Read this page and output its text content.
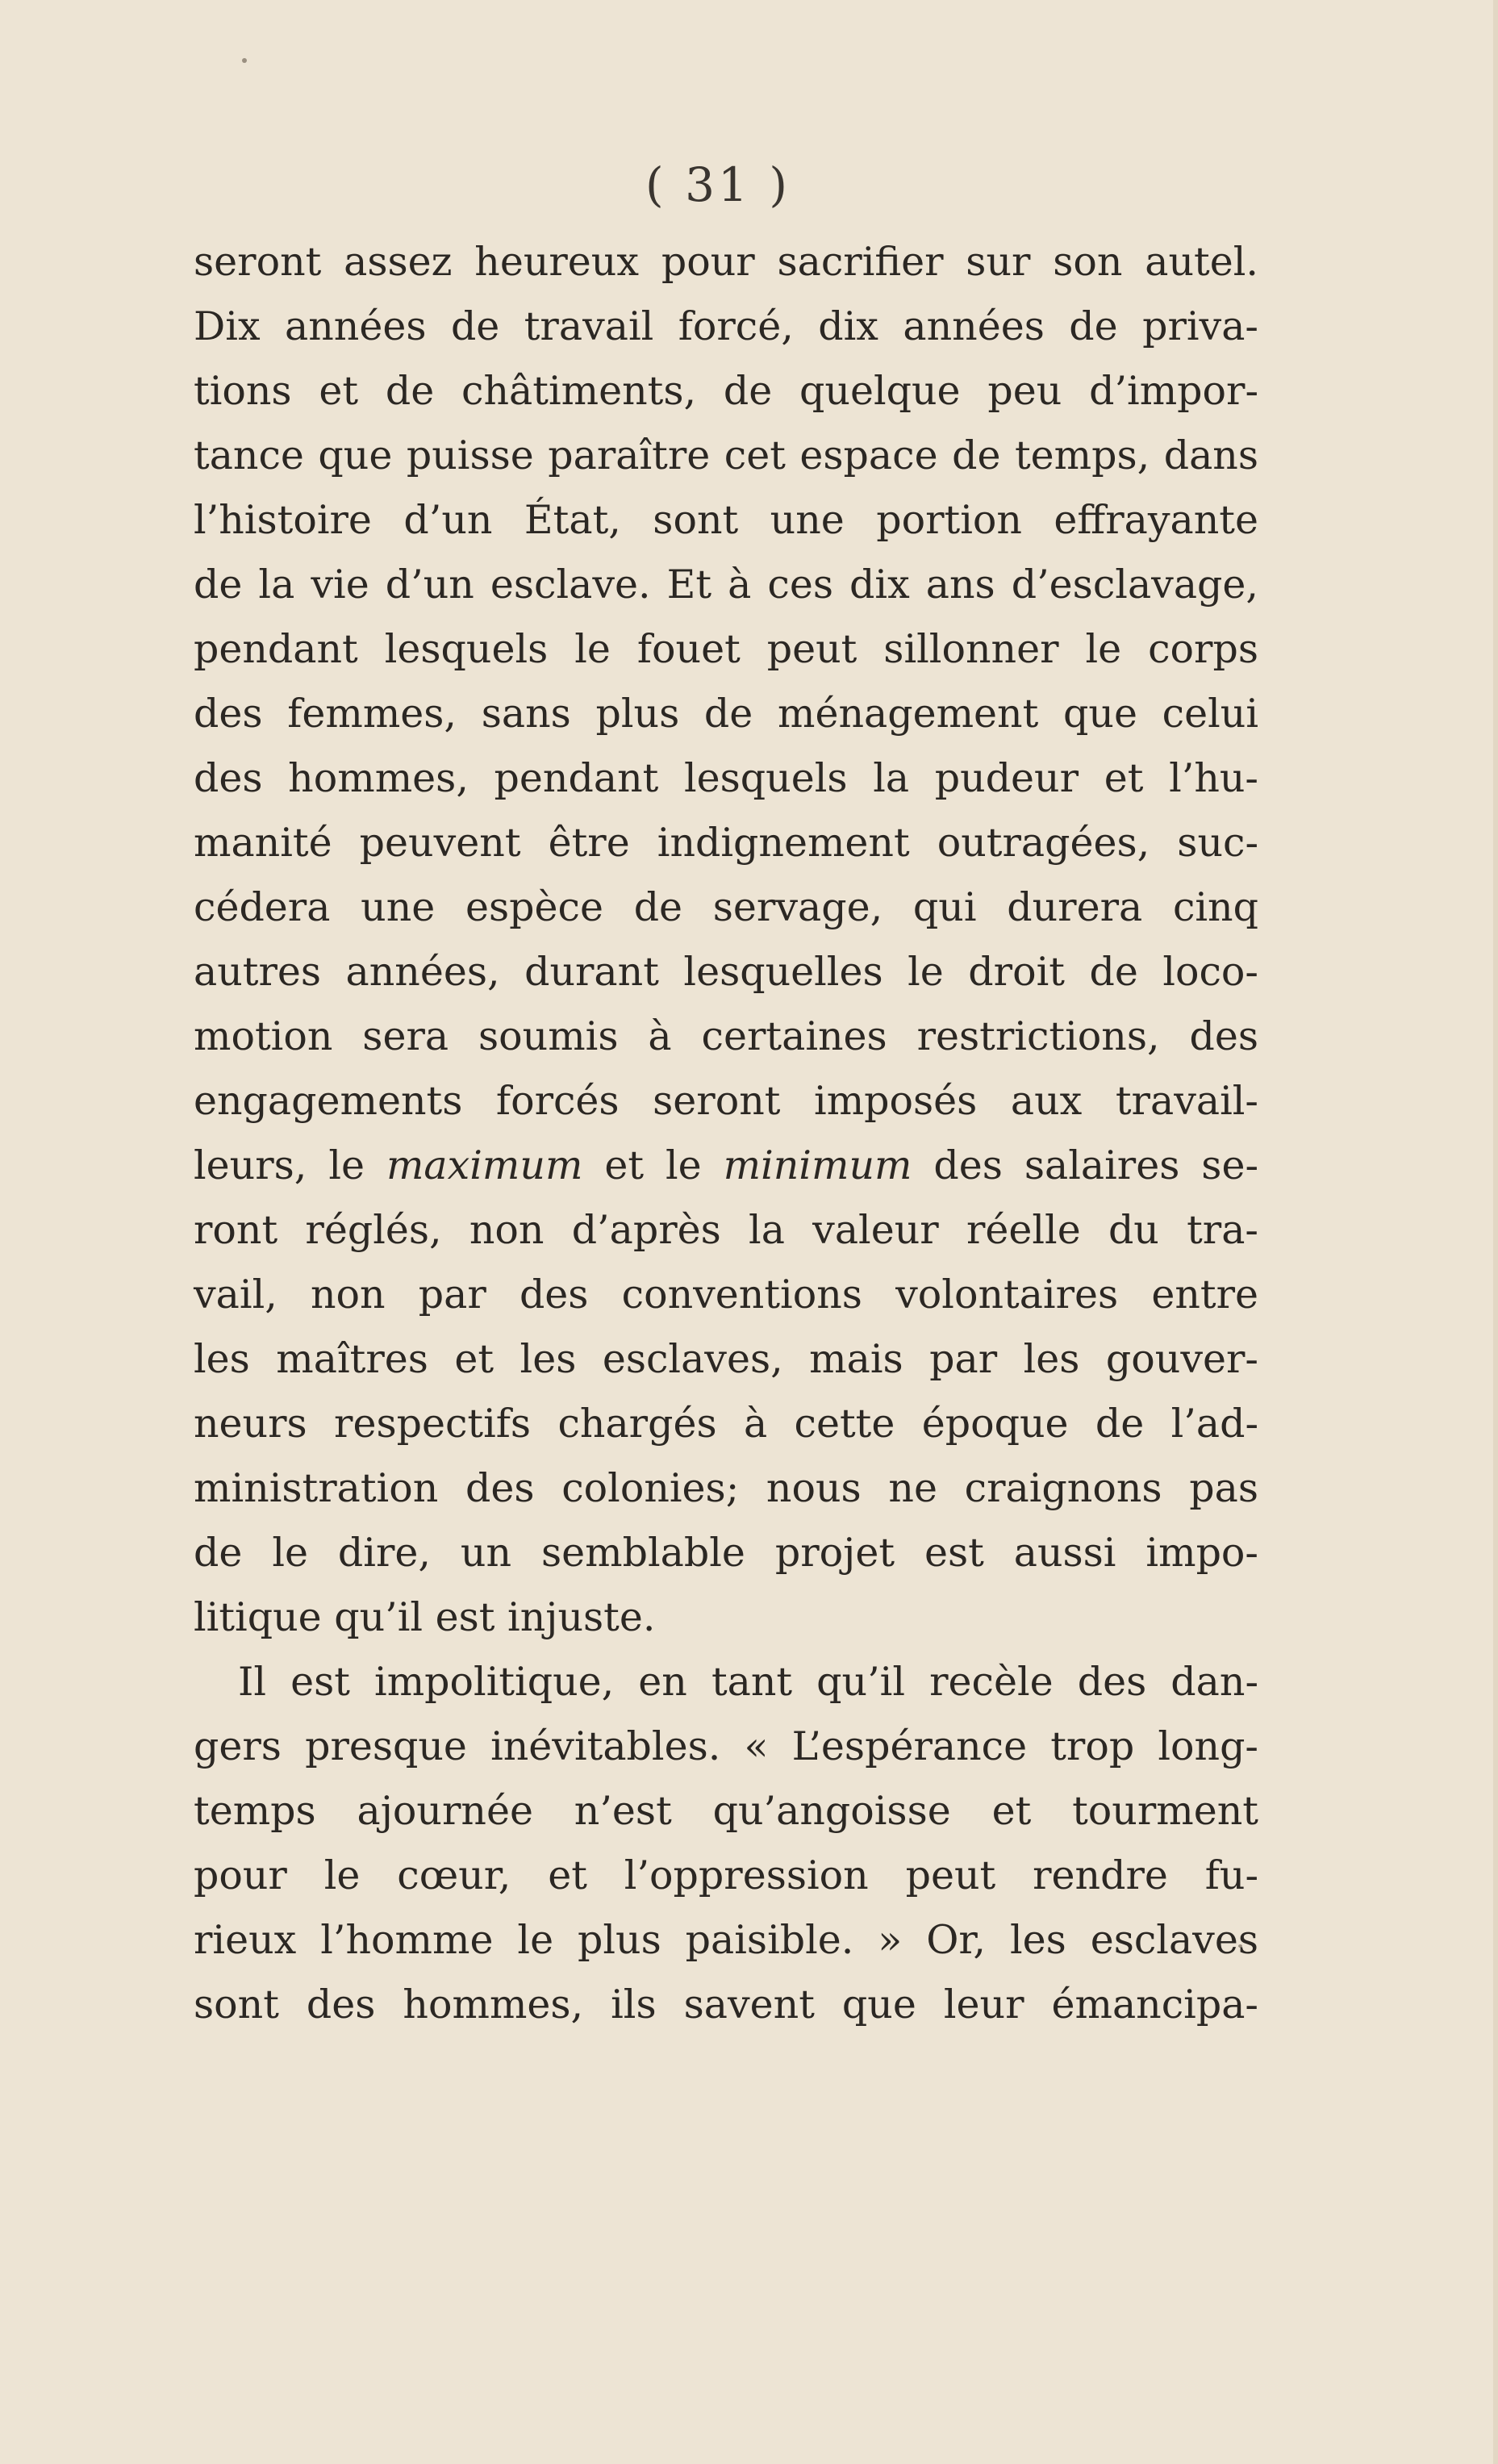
( 31 )
seront assez heureux pour sacrifier sur son autel.
Dix années de travail forcé, dix années de priva-
tions et de châtiments, de quelque peu d’impor-
tance que puisse paraître cet espace de temps, dans
l’histoire d’un État, sont une portion effrayante
de la vie d’un esclave. Et à ces dix ans d’esclavage,
pendant lesquels le fouet peut sillonner le corps
des femmes, sans plus de ménagement que celui
des hommes, pendant lesquels la pudeur et l’hu-
manité peuvent être indignement outragées, suc-
cédera une espèce de servage, qui durera cinq
autres années, durant lesquelles le droit de loco-
motion sera soumis à certaines restrictions, des
engagements forcés seront imposés aux travail-
leurs, le maximum et le minimum des salaires se-
ront réglés, non d’après la valeur réelle du tra-
vail, non par des conventions volontaires entre
les maîtres et les esclaves, mais par les gouver-
neurs respectifs chargés à cette époque de l’ad-
ministration des colonies; nous ne craignons pas
de le dire, un semblable projet est aussi impo-
litique qu’il est injuste.
Il est impolitique, en tant qu’il recèle des dan-
gers presque inévitables. « L’espérance trop long-
temps ajournée n’est qu’angoisse et tourment
pour le cœur, et l’oppression peut rendre fu-
rieux l’homme le plus paisible. » Or, les esclaves
sont des hommes, ils savent que leur émancipa-
